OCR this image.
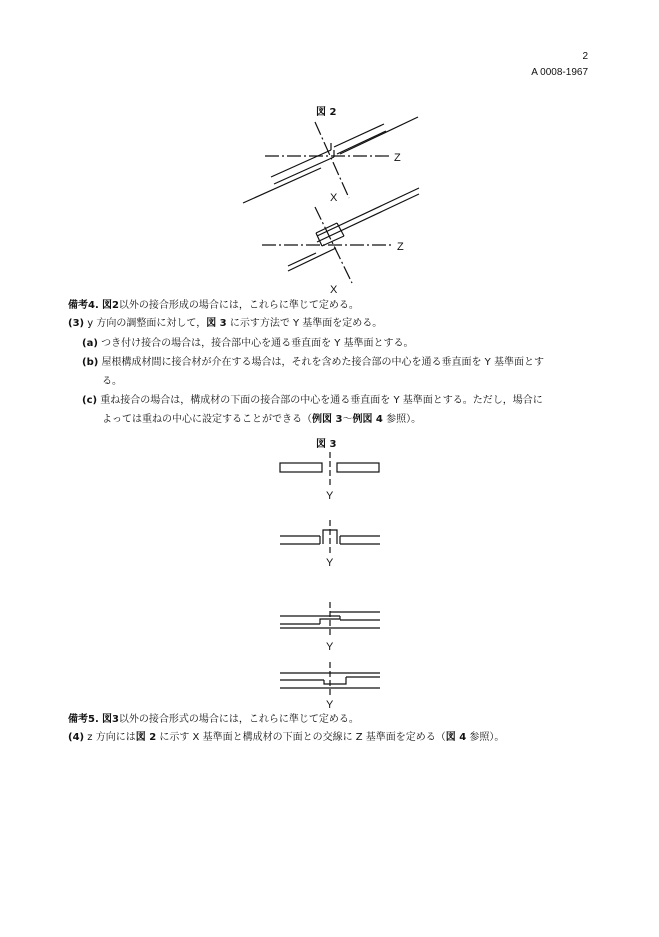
2
A 0008-1967
図 2
Z
X
Z
X
Y
Y
Y
Y
備考4. 図2以外の接合形成の場合には，これらに準じて定める。
(3) y 方向の調整面に対して，図 3 に示す方法で Y 基準面を定める。
(a) つき付け接合の場合は，接合部中心を通る垂直面を Y 基準面とする。
(b) 屋根構成材間に接合材が介在する場合は，それを含めた接合部の中心を通る垂直面を Y 基準面とす
る。
(c) 重ね接合の場合は，構成材の下面の接合部の中心を通る垂直面を Y 基準面とする。ただし，場合に
よっては重ねの中心に設定することができる（例図 3〜例図 4 参照）。
図 3
備考5. 図3以外の接合形式の場合には，これらに準じて定める。
(4) z 方向には図 2 に示す X 基準面と構成材の下面との交線に Z 基準面を定める（図 4 参照）。
